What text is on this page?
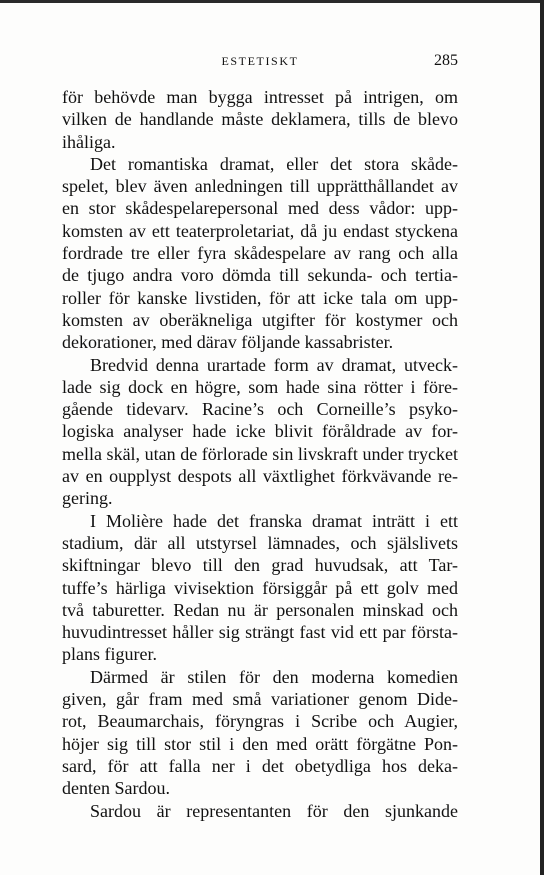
ESTETISKT	285
för behövde man bygga intresset på intrigen, om
vilken de handlande måste deklamera, tills de blevo
ihåliga.
Det romantiska dramat, eller det stora skåde-
spelet, blev även anledningen till upprätthållandet av
en stor skådespelarepersonal med dess vådor: upp-
komsten av ett teaterproletariat, då ju endast styckena
fordrade tre eller fyra skådespelare av rang och alla
de tjugo andra voro dömda till sekunda- och tertia-
roller för kanske livstiden, för att icke tala om upp-
komsten av oberäkneliga utgifter för kostymer och
dekorationer, med därav följande kassabrister.
Bredvid denna urartade form av dramat, utveck-
lade sig dock en högre, som hade sina rötter i före-
gående tidevarv. Racine’s och Corneille’s psyko-
logiska analyser hade icke blivit föråldrade av for-
mella skäl, utan de förlorade sin livskraft under trycket
av en oupplyst despots all växtlighet förkvävande re-
gering.
I Molière hade det franska dramat inträtt i ett
stadium, där all utstyrsel lämnades, och själslivets
skiftningar blevo till den grad huvudsak, att Tar-
tuffe’s härliga vivisektion försiggår på ett golv med
två taburetter. Redan nu är personalen minskad och
huvudintresset håller sig strängt fast vid ett par första-
plans figurer.
Därmed är stilen för den moderna komedien
given, går fram med små variationer genom Dide-
rot, Beaumarchais, föryngras i Scribe och Augier,
höjer sig till stor stil i den med orätt förgätne Pon-
sard, för att falla ner i det obetydliga hos deka-
denten Sardou.
Sardou är representanten för den sjunkande
